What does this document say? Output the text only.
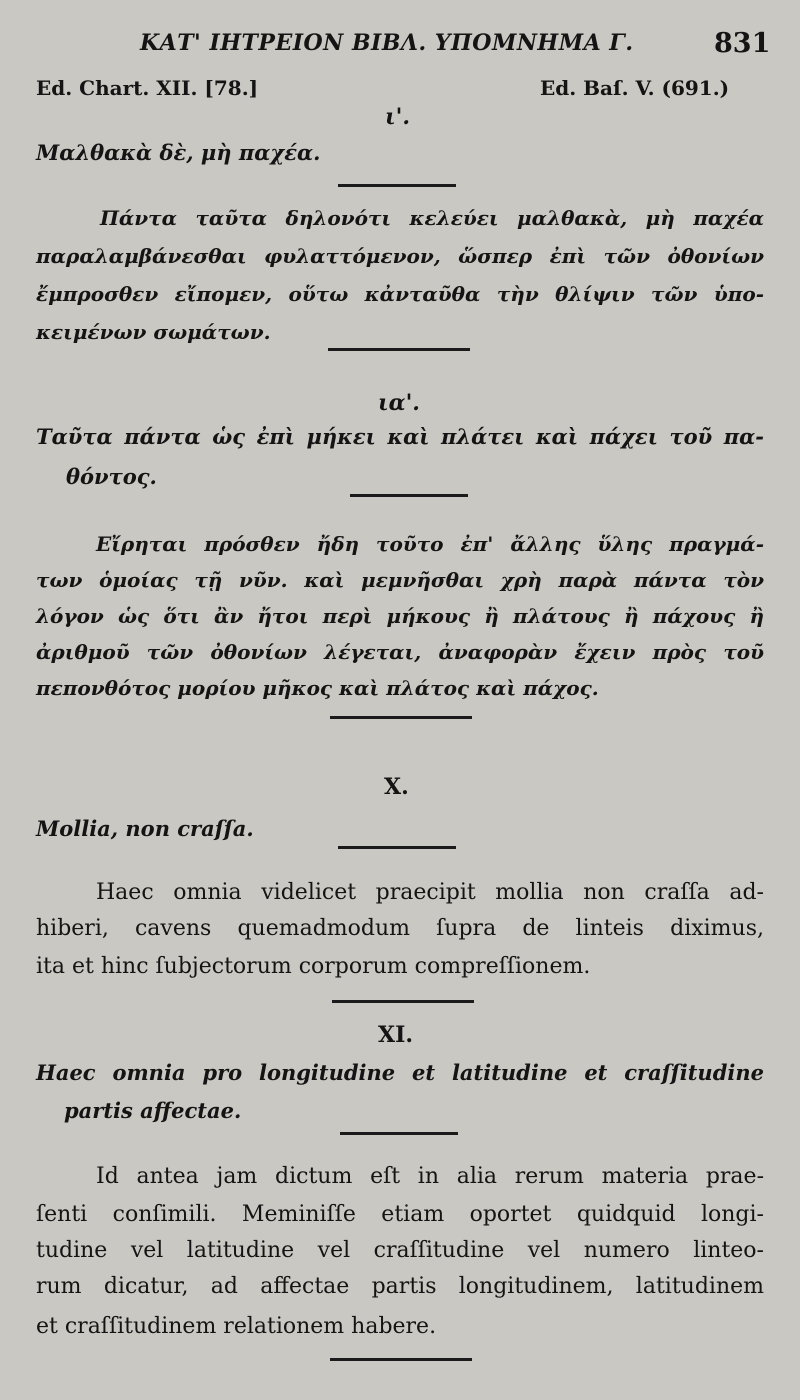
ΚΑΤ' ΙΗΤΡΕΙΟΝ ΒΙΒΛ. ΥΠΟΜΝΗΜΑ Γ.	831
Ed. Chart. XII. [78.]	Ed. Baſ. V. (691.)
ι'.
Μαλθακὰ δὲ, μὴ παχέα.
Πάντα ταῦτα δηλονότι κελεύει μαλθακὰ, μὴ παχέα
παραλαμβάνεσθαι φυλαττόμενον, ὥσπερ ἐπὶ τῶν ὀθονίων
ἔμπροσθεν εἴπομεν, οὕτω κἀνταῦθα τὴν θλίψιν τῶν ὑπο-
κειμένων σωμάτων.
ια'.
Ταῦτα πάντα ὡς ἐπὶ μήκει καὶ πλάτει καὶ πάχει τοῦ πα-
θόντος.
Εἴρηται πρόσθεν ἤδη τοῦτο ἐπ' ἄλλης ὕλης πραγμά-
των ὁμοίας τῇ νῦν. καὶ μεμνῆσθαι χρὴ παρὰ πάντα τὸν
λόγον ὡς ὅτι ἂν ἤτοι περὶ μήκους ἢ πλάτους ἢ πάχους ἢ
ἀριθμοῦ τῶν ὀθονίων λέγεται, ἀναφορὰν ἔχειν πρὸς τοῦ
πεπονθότος μορίου μῆκος καὶ πλάτος καὶ πάχος.
X.
Mollia, non craſſa.
Haec omnia videlicet praecipit mollia non craſſa ad-
hiberi, cavens quemadmodum ſupra de linteis diximus,
ita et hinc ſubjectorum corporum compreſſionem.
XI.
Haec omnia pro longitudine et latitudine et craſſitudine
partis affectae.
Id antea jam dictum eſt in alia rerum materia prae-
ſenti conſimili. Meminiſſe etiam oportet quidquid longi-
tudine vel latitudine vel craſſitudine vel numero linteo-
rum dicatur, ad affectae partis longitudinem, latitudinem
et craſſitudinem relationem habere.
